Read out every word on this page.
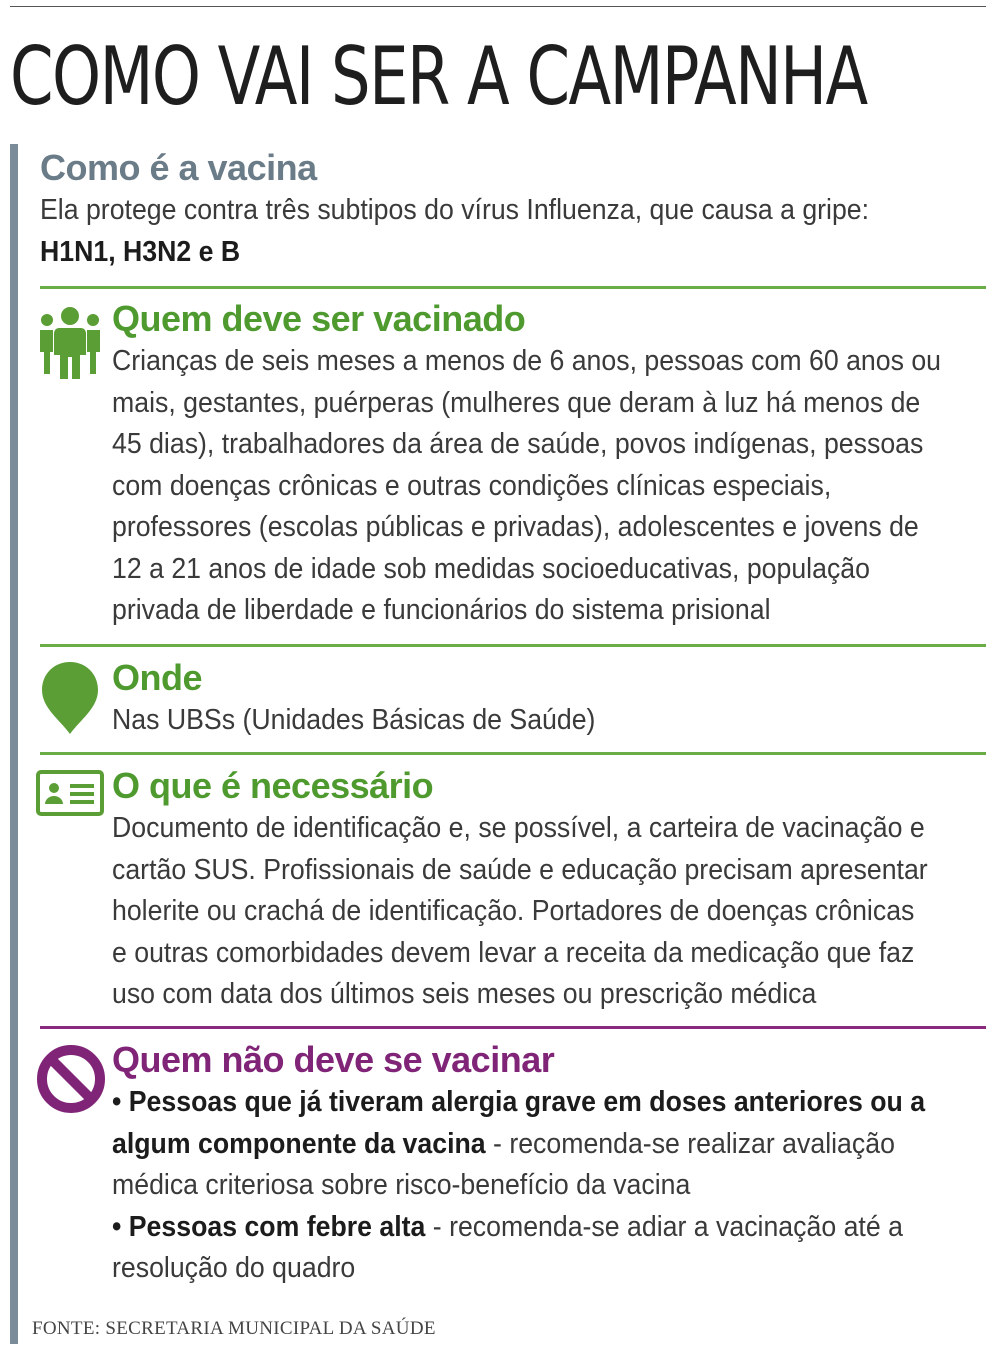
COMO VAI SER A CAMPANHA
Como é a vacina
Ela protege contra três subtipos do vírus Influenza, que causa a gripe:
H1N1, H3N2 e B
Quem deve ser vacinado
Crianças de seis meses a menos de 6 anos, pessoas com 60 anos ou
mais, gestantes, puérperas (mulheres que deram à luz há menos de
45 dias), trabalhadores da área de saúde, povos indígenas, pessoas
com doenças crônicas e outras condições clínicas especiais,
professores (escolas públicas e privadas), adolescentes e jovens de
12 a 21 anos de idade sob medidas socioeducativas, população
privada de liberdade e funcionários do sistema prisional
Onde
Nas UBSs (Unidades Básicas de Saúde)
O que é necessário
Documento de identificação e, se possível, a carteira de vacinação e
cartão SUS. Profissionais de saúde e educação precisam apresentar
holerite ou crachá de identificação. Portadores de doenças crônicas
e outras comorbidades devem levar a receita da medicação que faz
uso com data dos últimos seis meses ou prescrição médica
Quem não deve se vacinar
• Pessoas que já tiveram alergia grave em doses anteriores ou a
algum componente da vacina - recomenda-se realizar avaliação
médica criteriosa sobre risco-benefício da vacina
• Pessoas com febre alta - recomenda-se adiar a vacinação até a
resolução do quadro
FONTE: SECRETARIA MUNICIPAL DA SAÚDE
